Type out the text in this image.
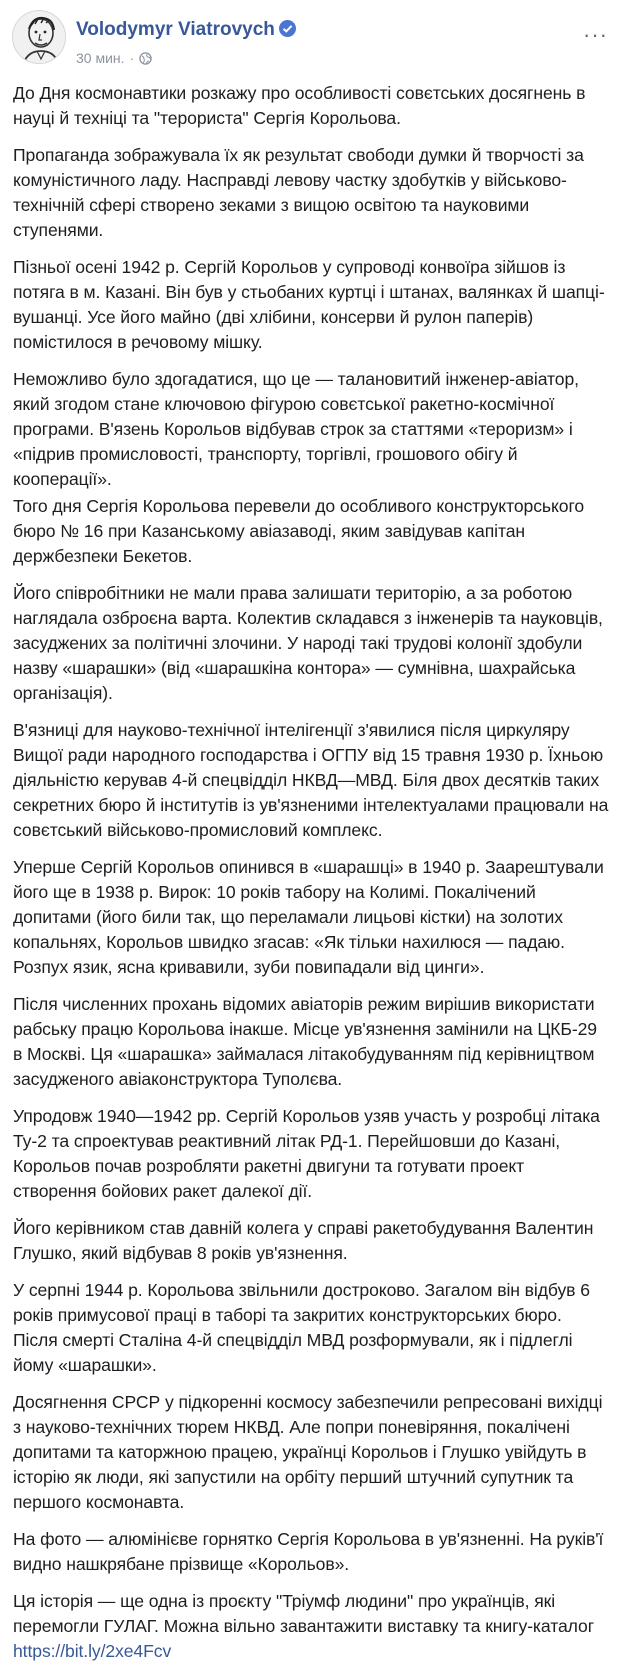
Volodymyr Viatrovych
30 мин. ·
···

До Дня космонавтики розкажу про особливості совєтських досягнень в науці й техніці та "терориста" Сергія Корольова.

Пропаганда зображувала їх як результат свободи думки й творчості за комуністичного ладу. Насправді левову частку здобутків у військово-технічній сфері створено зеками з вищою освітою та науковими ступенями.

Пізньої осені 1942 р. Сергій Корольов у супроводі конвоїра зійшов із потяга в м. Казані. Він був у стьобаних куртці і штанах, валянках й шапці-вушанці. Усе його майно (дві хлібини, консерви й рулон паперів) помістилося в речовому мішку.

Неможливо було здогадатися, що це — талановитий інженер-авіатор, який згодом стане ключовою фігурою совєтської ракетно-космічної програми. В'язень Корольов відбував строк за статтями «тероризм» і «підрив промисловості, транспорту, торгівлі, грошового обігу й кооперації».

Того дня Сергія Корольова перевели до особливого конструкторського бюро № 16 при Казанському авіазаводі, яким завідував капітан держбезпеки Бекетов.

Його співробітники не мали права залишати територію, а за роботою наглядала озброєна варта. Колектив складався з інженерів та науковців, засуджених за політичні злочини. У народі такі трудові колонії здобули назву «шарашки» (від «шарашкіна контора» — сумнівна, шахрайська організація).

В'язниці для науково-технічної інтелігенції з'явилися після циркуляру Вищої ради народного господарства і ОГПУ від 15 травня 1930 р. Їхньою діяльністю керував 4-й спецвідділ НКВД—МВД. Біля двох десятків таких секретних бюро й інститутів із ув'язненими інтелектуалами працювали на совєтський військово-промисловий комплекс.

Уперше Сергій Корольов опинився в «шарашці» в 1940 р. Заарештували його ще в 1938 р. Вирок: 10 років табору на Колимі. Покалічений допитами (його били так, що переламали лицьові кістки) на золотих копальнях, Корольов швидко згасав: «Як тільки нахилюся — падаю. Розпух язик, ясна кривавили, зуби повипадали від цинги».

Після численних прохань відомих авіаторів режим вирішив використати рабську працю Корольова інакше. Місце ув'язнення замінили на ЦКБ-29 в Москві. Ця «шарашка» займалася літакобудуванням під керівництвом засудженого авіаконструктора Туполєва.

Упродовж 1940—1942 рр. Сергій Корольов узяв участь у розробці літака Ту-2 та спроектував реактивний літак РД-1. Перейшовши до Казані, Корольов почав розробляти ракетні двигуни та готувати проект створення бойових ракет далекої дії.

Його керівником став давній колега у справі ракетобудування Валентин Глушко, який відбував 8 років ув'язнення.

У серпні 1944 р. Корольова звільнили достроково. Загалом він відбув 6 років примусової праці в таборі та закритих конструкторських бюро. Після смерті Сталіна 4-й спецвідділ МВД розформували, як і підлеглі йому «шарашки».

Досягнення СРСР у підкоренні космосу забезпечили репресовані вихідці з науково-технічних тюрем НКВД. Але попри поневіряння, покалічені допитами та каторжною працею, українці Корольов і Глушко увійдуть в історію як люди, які запустили на орбіту перший штучний супутник та першого космонавта.

На фото — алюмінієве горнятко Сергія Корольова в ув'язненні. На руків'ї видно нашкрябане прізвище «Корольов».

Ця історія — ще одна із проєкту "Тріумф людини" про українців, які перемогли ГУЛАГ. Можна вільно завантажити виставку та книгу-каталог
https://bit.ly/2xe4Fcv
